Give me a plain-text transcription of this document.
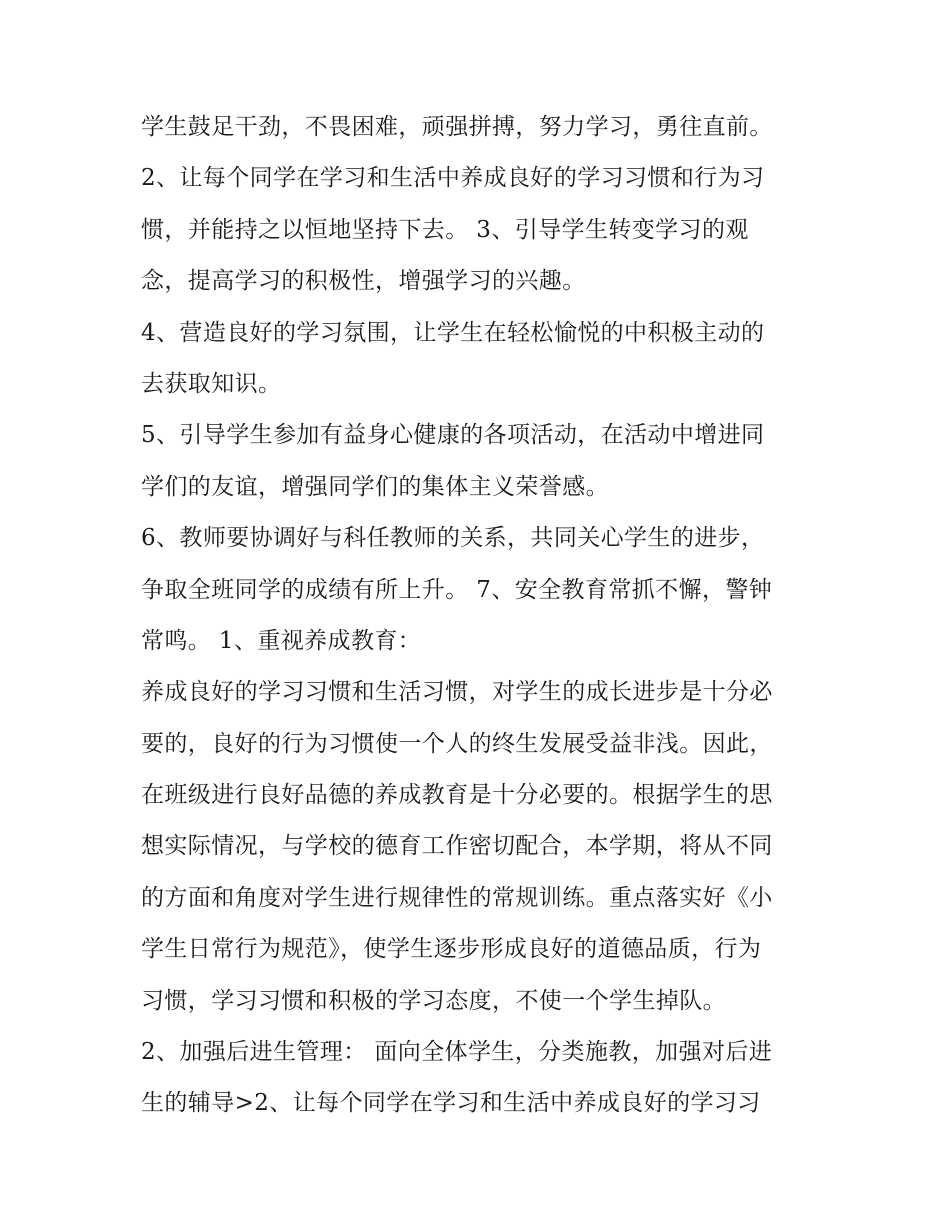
学生鼓足干劲，不畏困难，顽强拼搏，努力学习，勇往直前。
2、让每个同学在学习和生活中养成良好的学习习惯和行为习
惯，并能持之以恒地坚持下去。 3、引导学生转变学习的观
念，提高学习的积极性，增强学习的兴趣。
4、营造良好的学习氛围，让学生在轻松愉悦的中积极主动的
去获取知识。
5、引导学生参加有益身心健康的各项活动，在活动中增进同
学们的友谊，增强同学们的集体主义荣誉感。
6、教师要协调好与科任教师的关系，共同关心学生的进步，
争取全班同学的成绩有所上升。 7、安全教育常抓不懈，警钟
常鸣。 1、重视养成教育：
养成良好的学习习惯和生活习惯，对学生的成长进步是十分必
要的，良好的行为习惯使一个人的终生发展受益非浅。因此，
在班级进行良好品德的养成教育是十分必要的。根据学生的思
想实际情况，与学校的德育工作密切配合，本学期，将从不同
的方面和角度对学生进行规律性的常规训练。重点落实好《小
学生日常行为规范》，使学生逐步形成良好的道德品质，行为
习惯，学习习惯和积极的学习态度，不使一个学生掉队。
2、加强后进生管理： 面向全体学生，分类施教，加强对后进
生的辅导>2、让每个同学在学习和生活中养成良好的学习习
